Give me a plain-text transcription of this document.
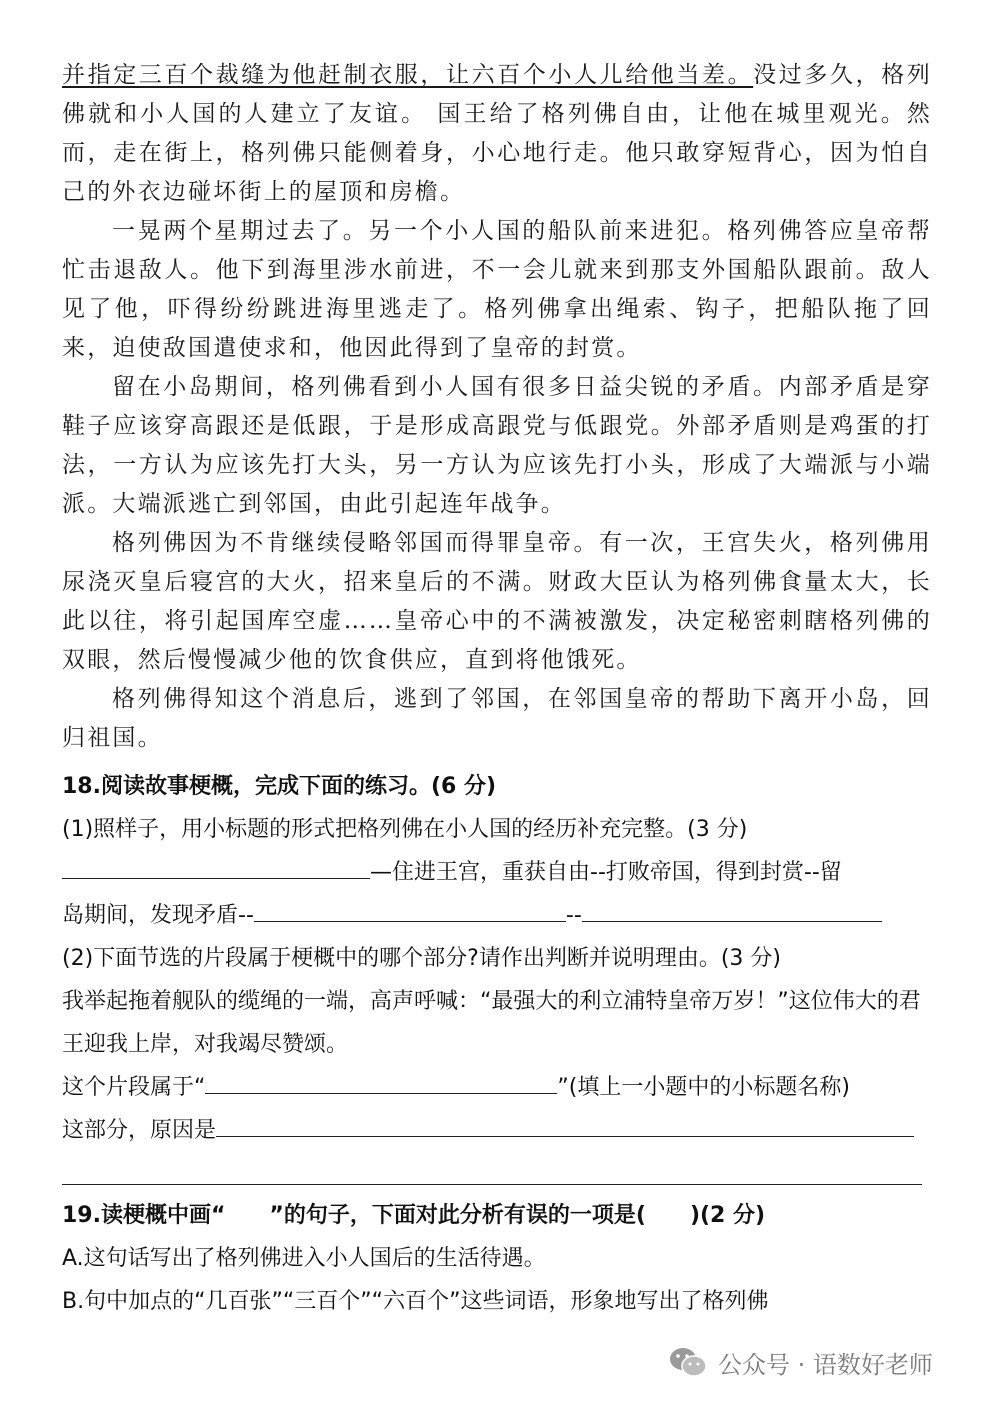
并指定三百个裁缝为他赶制衣服，让六百个小人儿给他当差。没过多久，格列佛就和小人国的人建立了友谊。 国王给了格列佛自由，让他在城里观光。然而，走在街上，格列佛只能侧着身，小心地行走。他只敢穿短背心，因为怕自己的外衣边碰坏街上的屋顶和房檐。

一晃两个星期过去了。另一个小人国的船队前来进犯。格列佛答应皇帝帮忙击退敌人。他下到海里涉水前进，不一会儿就来到那支外国船队跟前。敌人见了他，吓得纷纷跳进海里逃走了。格列佛拿出绳索、钩子，把船队拖了回来，迫使敌国遣使求和，他因此得到了皇帝的封赏。

留在小岛期间，格列佛看到小人国有很多日益尖锐的矛盾。内部矛盾是穿鞋子应该穿高跟还是低跟，于是形成高跟党与低跟党。外部矛盾则是鸡蛋的打法，一方认为应该先打大头，另一方认为应该先打小头，形成了大端派与小端派。大端派逃亡到邻国，由此引起连年战争。

格列佛因为不肯继续侵略邻国而得罪皇帝。有一次，王宫失火，格列佛用尿浇灭皇后寝宫的大火，招来皇后的不满。财政大臣认为格列佛食量太大，长此以往，将引起国库空虚……皇帝心中的不满被激发，决定秘密刺瞎格列佛的双眼，然后慢慢减少他的饮食供应，直到将他饿死。

格列佛得知这个消息后，逃到了邻国，在邻国皇帝的帮助下离开小岛，回归祖国。

18.阅读故事梗概，完成下面的练习。(6 分)
(1)照样子，用小标题的形式把格列佛在小人国的经历补充完整。(3 分)
—住进王宫，重获自由--打败帝国，得到封赏--留
岛期间，发现矛盾--	--
(2)下面节选的片段属于梗概中的哪个部分?请作出判断并说明理由。(3 分)
我举起拖着舰队的缆绳的一端，高声呼喊：“最强大的利立浦特皇帝万岁！”这位伟大的君王迎我上岸，对我竭尽赞颂。
这个片段属于“	”(填上一小题中的小标题名称)
这部分，原因是
19.读梗概中画“　　”的句子，下面对此分析有误的一项是(　　)(2 分)
A.这句话写出了格列佛进入小人国后的生活待遇。
B.句中加点的“几百张”“三百个”“六百个”这些词语，形象地写出了格列佛
公众号 · 语数好老师
